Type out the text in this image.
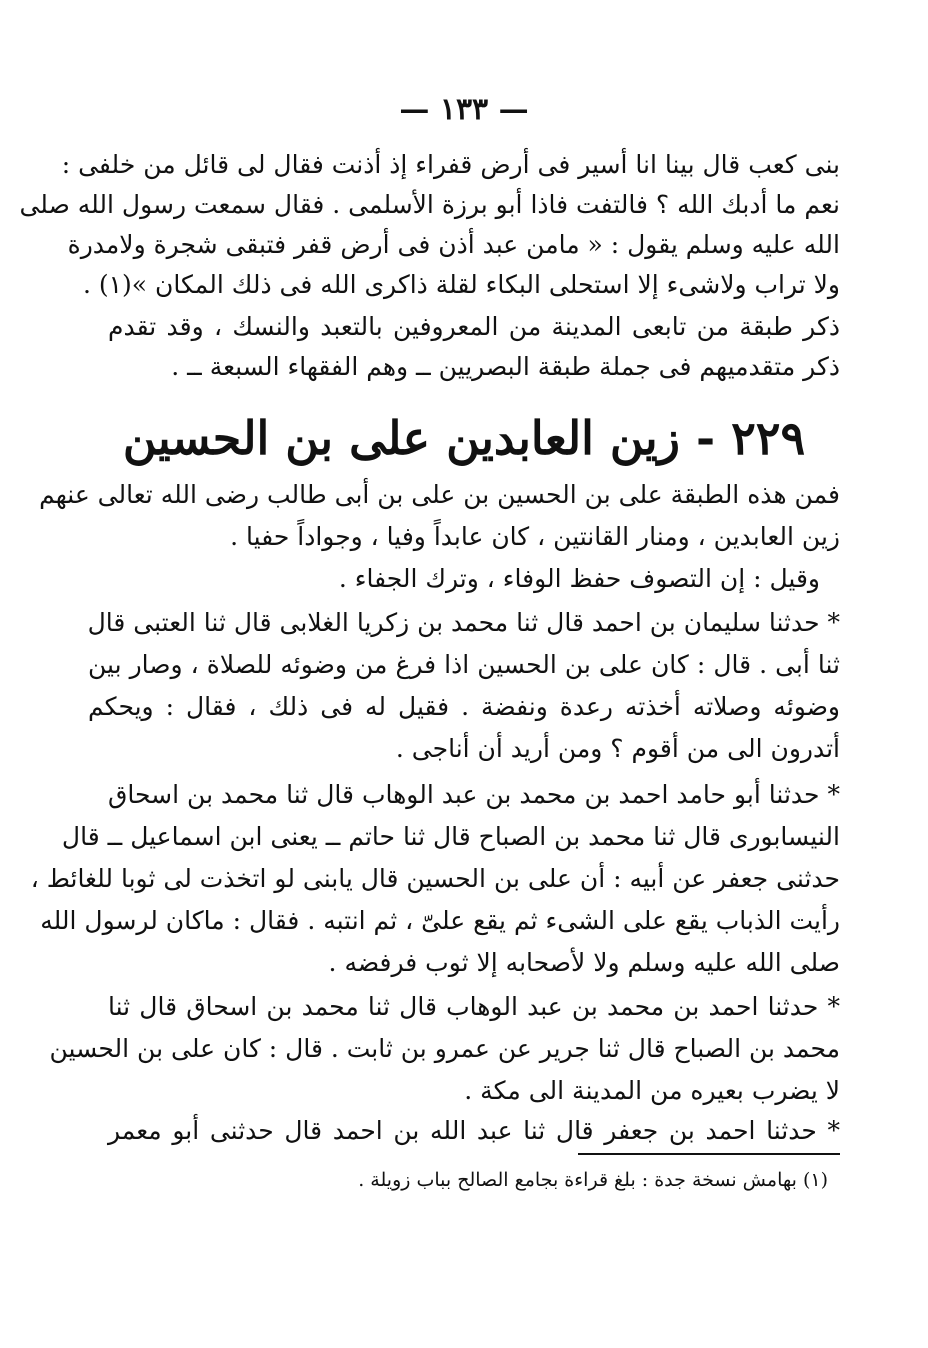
— ١٣٣ —
بنى كعب قال بينا انا أسير فى أرض قفراء إذ أذنت فقال لى قائل من خلفى :
نعم ما أدبك الله ؟ فالتفت فاذا أبو برزة الأسلمى . فقال سمعت رسول الله صلى
الله عليه وسلم يقول : « مامن عبد أذن فى أرض قفر فتبقى شجرة ولامدرة
ولا تراب ولاشىء إلا استحلى البكاء لقلة ذاكرى الله فى ذلك المكان »(١) .
ذكر طبقة من تابعى المدينة من المعروفين بالتعبد والنسك ، وقد تقدم
ذكر متقدميهم فى جملة طبقة البصريين ــ وهم الفقهاء السبعة ــ .
٢٢٩ - زين العابدين على بن الحسين
فمن هذه الطبقة على بن الحسين بن على بن أبى طالب رضى الله تعالى عنهم
زين العابدين ، ومنار القانتين ، كان عابداً وفيا ، وجواداً حفيا .
وقيل : إن التصوف حفظ الوفاء ، وترك الجفاء .
* حدثنا سليمان بن احمد قال ثنا محمد بن زكريا الغلابى قال ثنا العتبى قال
ثنا أبى . قال : كان على بن الحسين اذا فرغ من وضوئه للصلاة ، وصار بين
وضوئه وصلاته أخذته رعدة ونفضة . فقيل له فى ذلك ، فقال : ويحكم
أتدرون الى من أقوم ؟ ومن أريد أن أناجى .
* حدثنا أبو حامد احمد بن محمد بن عبد الوهاب قال ثنا محمد بن اسحاق
النيسابورى قال ثنا محمد بن الصباح قال ثنا حاتم ــ يعنى ابن اسماعيل ــ قال
حدثنى جعفر عن أبيه : أن على بن الحسين قال يابنى لو اتخذت لى ثوبا للغائط ،
رأيت الذباب يقع على الشىء ثم يقع علىّ ، ثم انتبه . فقال : ماكان لرسول الله
صلى الله عليه وسلم ولا لأصحابه إلا ثوب فرفضه .
* حدثنا احمد بن محمد بن عبد الوهاب قال ثنا محمد بن اسحاق قال ثنا
محمد بن الصباح قال ثنا جرير عن عمرو بن ثابت . قال : كان على بن الحسين
لا يضرب بعيره من المدينة الى مكة .
* حدثنا احمد بن جعفر قال ثنا عبد الله بن احمد قال حدثنى أبو معمر
(١) بهامش نسخة جدة : بلغ قراءة بجامع الصالح بباب زويلة .
